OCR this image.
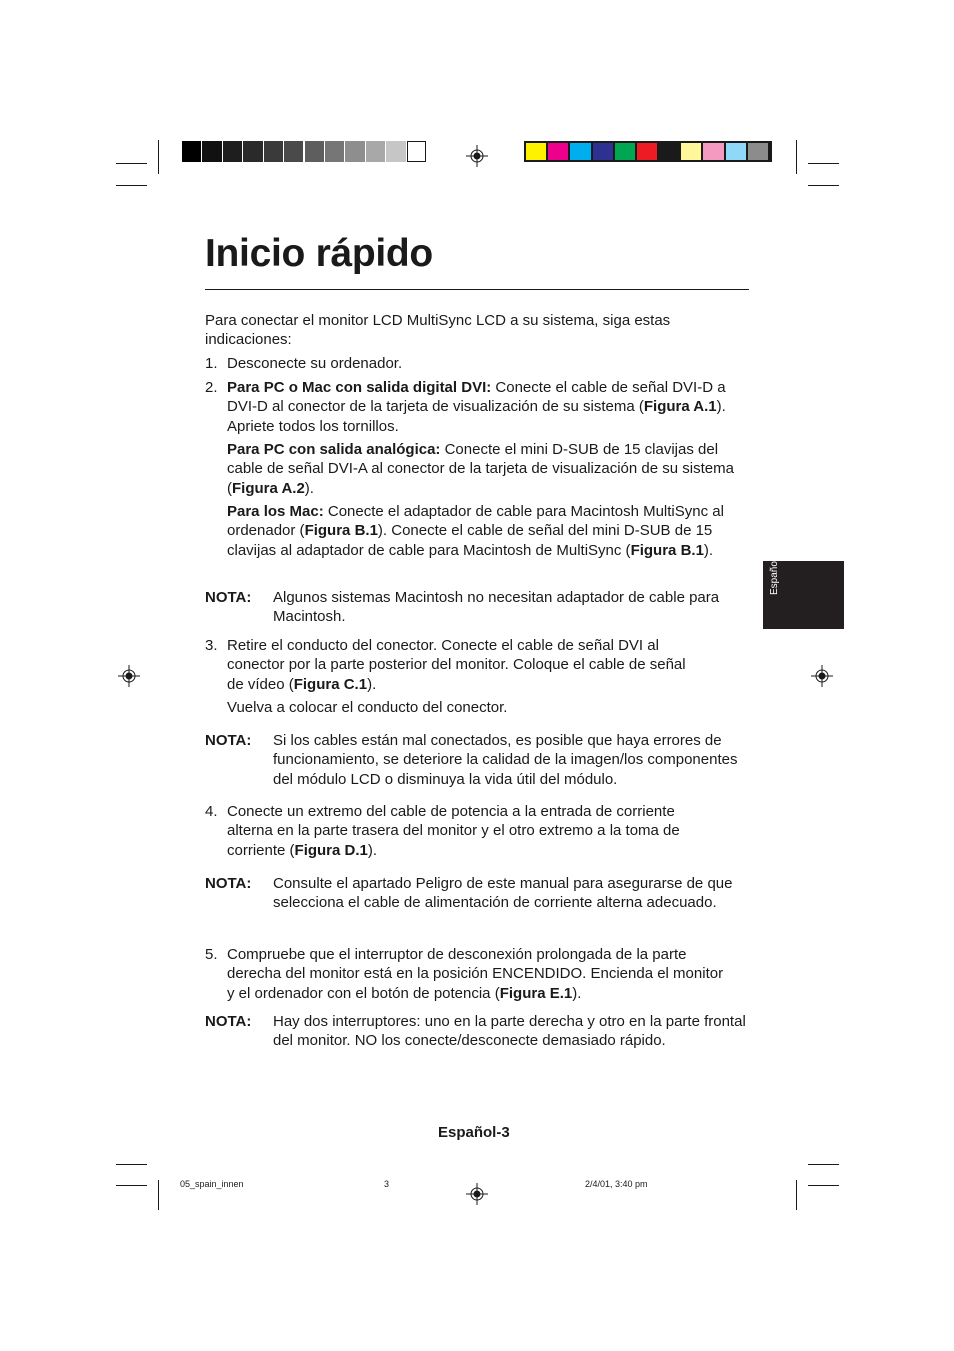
Inicio rápido
Para conectar el monitor LCD MultiSync LCD a su sistema, siga estas indicaciones:
1. Desconecte su ordenador.
2. Para PC o Mac con salida digital DVI: Conecte el cable de señal DVI-D a DVI-D al conector de la tarjeta de visualización de su sistema (Figura A.1). Apriete todos los tornillos.
Para PC con salida analógica: Conecte el mini D-SUB de 15 clavijas del cable de señal DVI-A al conector de la tarjeta de visualización de su sistema (Figura A.2).
Para los Mac: Conecte el adaptador de cable para Macintosh MultiSync al ordenador (Figura B.1). Conecte el cable de señal del mini D-SUB de 15 clavijas al adaptador de cable para Macintosh de MultiSync (Figura B.1).
NOTA: Algunos sistemas Macintosh no necesitan adaptador de cable para Macintosh.
3. Retire el conducto del conector. Conecte el cable de señal DVI al conector por la parte posterior del monitor. Coloque el cable de señal de vídeo (Figura C.1).
Vuelva a colocar el conducto del conector.
NOTA: Si los cables están mal conectados, es posible que haya errores de funcionamiento, se deteriore la calidad de la imagen/los componentes del módulo LCD o disminuya la vida útil del módulo.
4. Conecte un extremo del cable de potencia a la entrada de corriente alterna en la parte trasera del monitor y el otro extremo a la toma de corriente (Figura D.1).
NOTA: Consulte el apartado Peligro de este manual para asegurarse de que selecciona el cable de alimentación de corriente alterna adecuado.
5. Compruebe que el interruptor de desconexión prolongada de la parte derecha del monitor está en la posición ENCENDIDO. Encienda el monitor y el ordenador con el botón de potencia (Figura E.1).
NOTA: Hay dos interruptores: uno en la parte derecha y otro en la parte frontal del monitor. NO los conecte/desconecte demasiado rápido.
Español
Español-3
05_spain_innen	3	2/4/01, 3:40 pm
